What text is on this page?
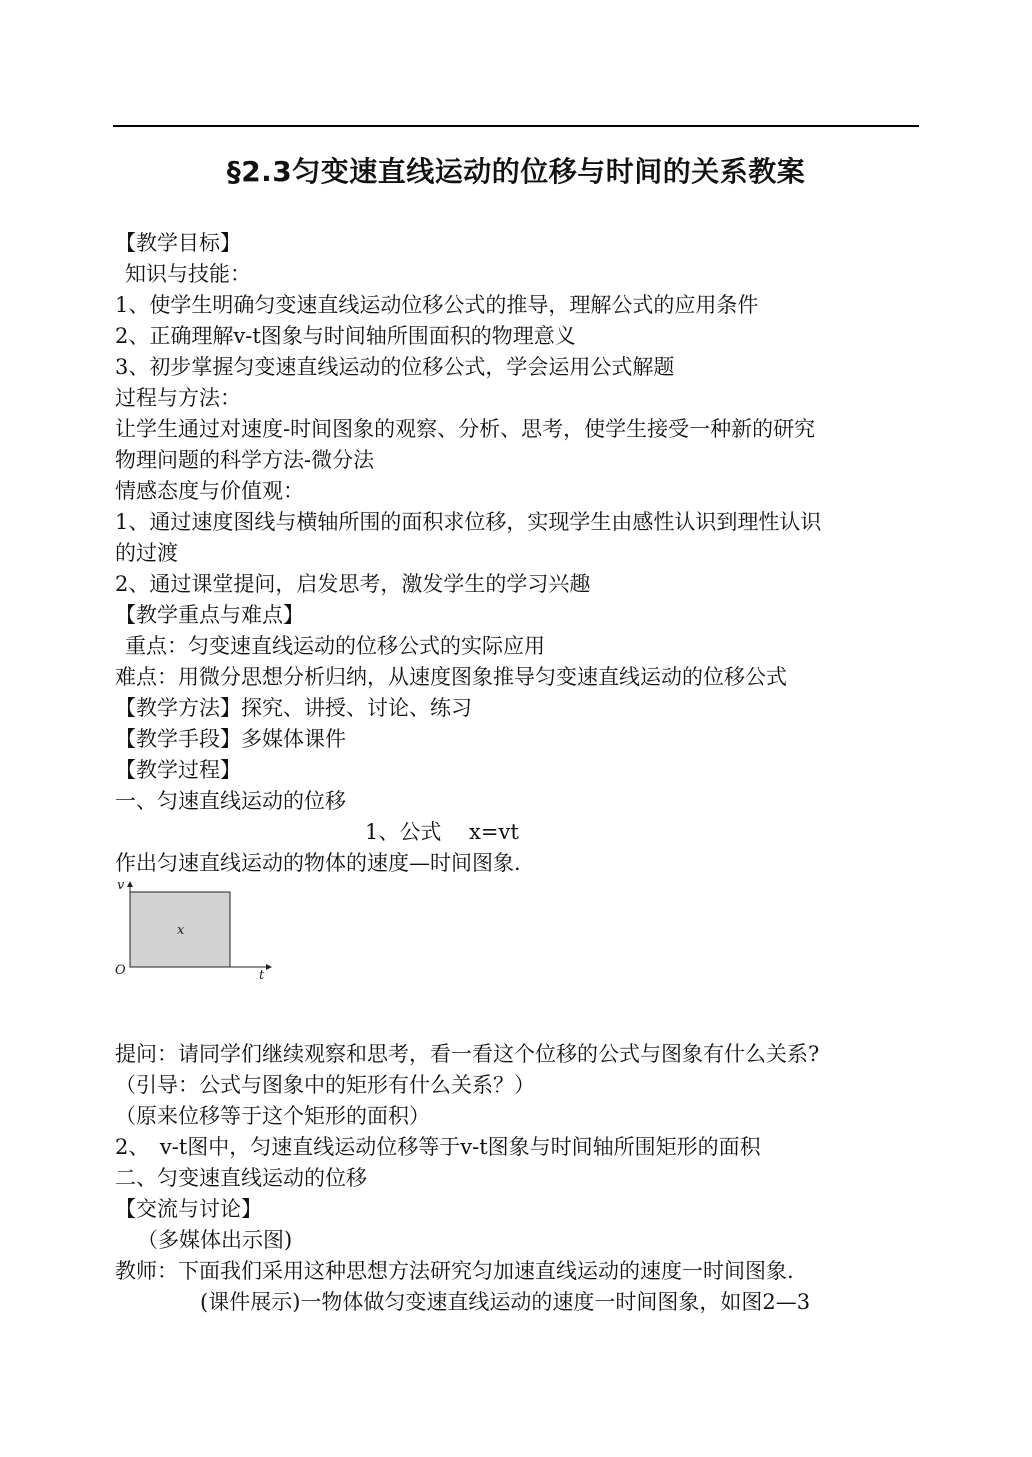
§2.3匀变速直线运动的位移与时间的关系教案
【教学目标】
知识与技能：
1、使学生明确匀变速直线运动位移公式的推导，理解公式的应用条件
2、正确理解v-t图象与时间轴所围面积的物理意义
3、初步掌握匀变速直线运动的位移公式，学会运用公式解题
过程与方法：
让学生通过对速度-时间图象的观察、分析、思考，使学生接受一种新的研究
物理问题的科学方法-微分法
情感态度与价值观：
1、通过速度图线与横轴所围的面积求位移，实现学生由感性认识到理性认识
的过渡
2、通过课堂提问，启发思考，激发学生的学习兴趣
【教学重点与难点】
重点：匀变速直线运动的位移公式的实际应用
难点：用微分思想分析归纳，从速度图象推导匀变速直线运动的位移公式
【教学方法】探究、讲授、讨论、练习
【教学手段】多媒体课件
【教学过程】
一、匀速直线运动的位移
1、公式　 x=vt
作出匀速直线运动的物体的速度—时间图象.
v
x
O	t
提问：请同学们继续观察和思考，看一看这个位移的公式与图象有什么关系?
（引导：公式与图象中的矩形有什么关系？）
（原来位移等于这个矩形的面积）
2、　v-t图中，匀速直线运动位移等于v-t图象与时间轴所围矩形的面积
二、匀变速直线运动的位移
【交流与讨论】
（多媒体出示图)
教师：下面我们采用这种思想方法研究匀加速直线运动的速度一时间图象.
(课件展示)一物体做匀变速直线运动的速度一时间图象，如图2—3
